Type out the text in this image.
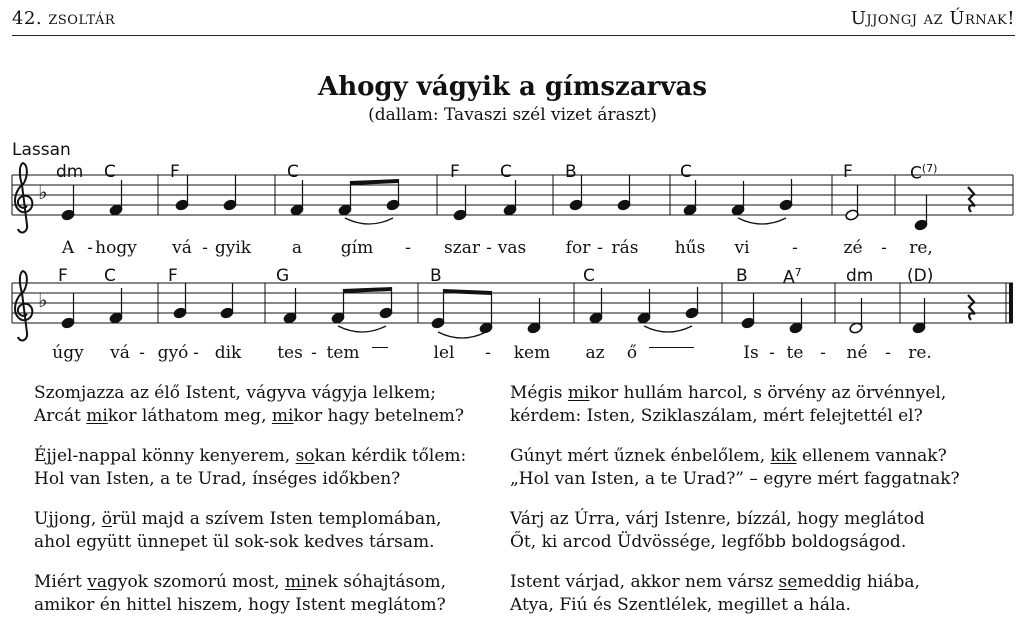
42. zsoltár	Ujjongj az Úrnak!
Ahogy vágyik a gímszarvas
(dallam: Tavaszi szél vizet áraszt)
Lassan
dm C	F	C	F C	B	C	F	$C^{(7)}$
F C	F	G	B	C	B $A^7$	dm (D)
A - hogy vá - gyik a gím - szar - vas for - rás hűs vi	-	zé - re,
úgy vá - gyó - dik tes - tem	lel - kem az ő	Is - te - né - re.
♭
♭
Szomjazza az élő Istent, vágyva vágyja lelkem;
Arcát mikor láthatom meg, mikor hagy betelnem?
Éjjel-nappal könny kenyerem, sokan kérdik tőlem:
Hol van Isten, a te Urad, ínséges időkben?
Ujjong, örül majd a szívem Isten templomában,
ahol együtt ünnepet ül sok-sok kedves társam.
Miért vagyok szomorú most, minek sóhajtásom,
amikor én hittel hiszem, hogy Istent meglátom?
Mégis mikor hullám harcol, s örvény az örvénnyel,
kérdem: Isten, Sziklaszálam, mért felejtettél el?
Gúnyt mért űznek énbelőlem, kik ellenem vannak?
„Hol van Isten, a te Urad?” – egyre mért faggatnak?
Várj az Úrra, várj Istenre, bízzál, hogy meglátod
Őt, ki arcod Üdvössége, legfőbb boldogságod.
Istent várjad, akkor nem vársz semeddig hiába,
Atya, Fiú és Szentlélek, megillet a hála.
